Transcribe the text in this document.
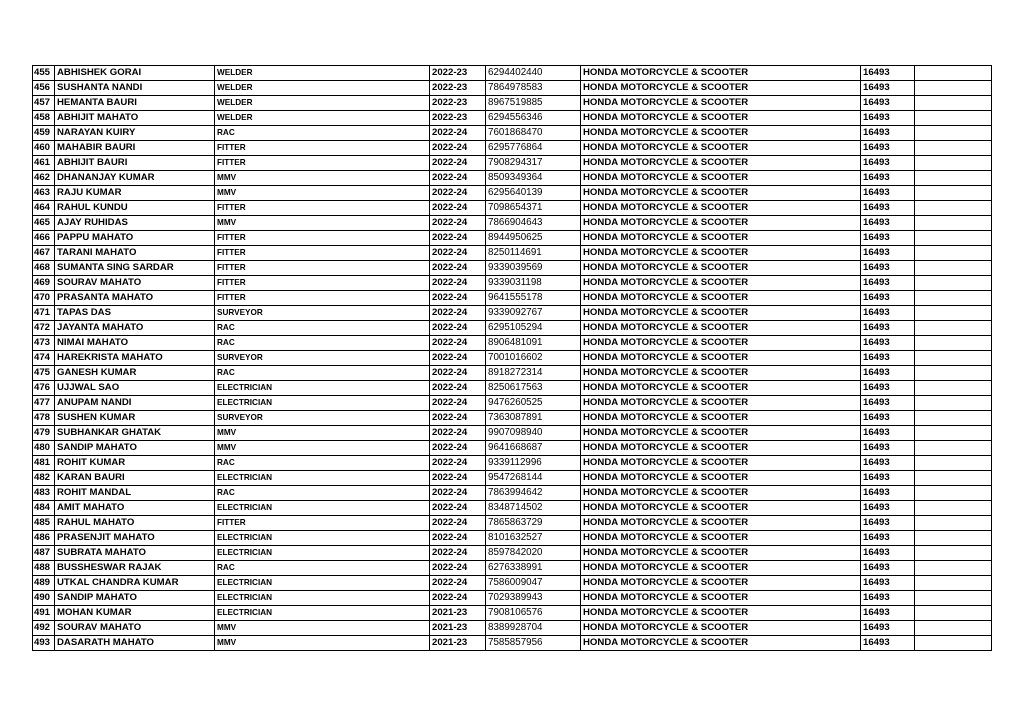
455	ABHISHEK GORAI	WELDER	2022-23	6294402440	HONDA MOTORCYCLE & SCOOTER	16493	
456	SUSHANTA NANDI	WELDER	2022-23	7864978583	HONDA MOTORCYCLE & SCOOTER	16493	
457	HEMANTA BAURI	WELDER	2022-23	8967519885	HONDA MOTORCYCLE & SCOOTER	16493	
458	ABHIJIT MAHATO	WELDER	2022-23	6294556346	HONDA MOTORCYCLE & SCOOTER	16493	
459	NARAYAN KUIRY	RAC	2022-24	7601868470	HONDA MOTORCYCLE & SCOOTER	16493	
460	MAHABIR BAURI	FITTER	2022-24	6295776864	HONDA MOTORCYCLE & SCOOTER	16493	
461	ABHIJIT BAURI	FITTER	2022-24	7908294317	HONDA MOTORCYCLE & SCOOTER	16493	
462	DHANANJAY KUMAR	MMV	2022-24	8509349364	HONDA MOTORCYCLE & SCOOTER	16493	
463	RAJU KUMAR	MMV	2022-24	6295640139	HONDA MOTORCYCLE & SCOOTER	16493	
464	RAHUL KUNDU	FITTER	2022-24	7098654371	HONDA MOTORCYCLE & SCOOTER	16493	
465	AJAY RUHIDAS	MMV	2022-24	7866904643	HONDA MOTORCYCLE & SCOOTER	16493	
466	PAPPU MAHATO	FITTER	2022-24	8944950625	HONDA MOTORCYCLE & SCOOTER	16493	
467	TARANI MAHATO	FITTER	2022-24	8250114691	HONDA MOTORCYCLE & SCOOTER	16493	
468	SUMANTA SING SARDAR	FITTER	2022-24	9339039569	HONDA MOTORCYCLE & SCOOTER	16493	
469	SOURAV MAHATO	FITTER	2022-24	9339031198	HONDA MOTORCYCLE & SCOOTER	16493	
470	PRASANTA MAHATO	FITTER	2022-24	9641555178	HONDA MOTORCYCLE & SCOOTER	16493	
471	TAPAS DAS	SURVEYOR	2022-24	9339092767	HONDA MOTORCYCLE & SCOOTER	16493	
472	JAYANTA MAHATO	RAC	2022-24	6295105294	HONDA MOTORCYCLE & SCOOTER	16493	
473	NIMAI MAHATO	RAC	2022-24	8906481091	HONDA MOTORCYCLE & SCOOTER	16493	
474	HAREKRISTA MAHATO	SURVEYOR	2022-24	7001016602	HONDA MOTORCYCLE & SCOOTER	16493	
475	GANESH KUMAR	RAC	2022-24	8918272314	HONDA MOTORCYCLE & SCOOTER	16493	
476	UJJWAL SAO	ELECTRICIAN	2022-24	8250617563	HONDA MOTORCYCLE & SCOOTER	16493	
477	ANUPAM NANDI	ELECTRICIAN	2022-24	9476260525	HONDA MOTORCYCLE & SCOOTER	16493	
478	SUSHEN KUMAR	SURVEYOR	2022-24	7363087891	HONDA MOTORCYCLE & SCOOTER	16493	
479	SUBHANKAR GHATAK	MMV	2022-24	9907098940	HONDA MOTORCYCLE & SCOOTER	16493	
480	SANDIP MAHATO	MMV	2022-24	9641668687	HONDA MOTORCYCLE & SCOOTER	16493	
481	ROHIT KUMAR	RAC	2022-24	9339112996	HONDA MOTORCYCLE & SCOOTER	16493	
482	KARAN BAURI	ELECTRICIAN	2022-24	9547268144	HONDA MOTORCYCLE & SCOOTER	16493	
483	ROHIT MANDAL	RAC	2022-24	7863994642	HONDA MOTORCYCLE & SCOOTER	16493	
484	AMIT MAHATO	ELECTRICIAN	2022-24	8348714502	HONDA MOTORCYCLE & SCOOTER	16493	
485	RAHUL MAHATO	FITTER	2022-24	7865863729	HONDA MOTORCYCLE & SCOOTER	16493	
486	PRASENJIT MAHATO	ELECTRICIAN	2022-24	8101632527	HONDA MOTORCYCLE & SCOOTER	16493	
487	SUBRATA MAHATO	ELECTRICIAN	2022-24	8597842020	HONDA MOTORCYCLE & SCOOTER	16493	
488	BUSSHESWAR RAJAK	RAC	2022-24	6276338991	HONDA MOTORCYCLE & SCOOTER	16493	
489	UTKAL CHANDRA KUMAR	ELECTRICIAN	2022-24	7586009047	HONDA MOTORCYCLE & SCOOTER	16493	
490	SANDIP MAHATO	ELECTRICIAN	2022-24	7029389943	HONDA MOTORCYCLE & SCOOTER	16493	
491	MOHAN KUMAR	ELECTRICIAN	2021-23	7908106576	HONDA MOTORCYCLE & SCOOTER	16493	
492	SOURAV MAHATO	MMV	2021-23	8389928704	HONDA MOTORCYCLE & SCOOTER	16493	
493	DASARATH MAHATO	MMV	2021-23	7585857956	HONDA MOTORCYCLE & SCOOTER	16493	
